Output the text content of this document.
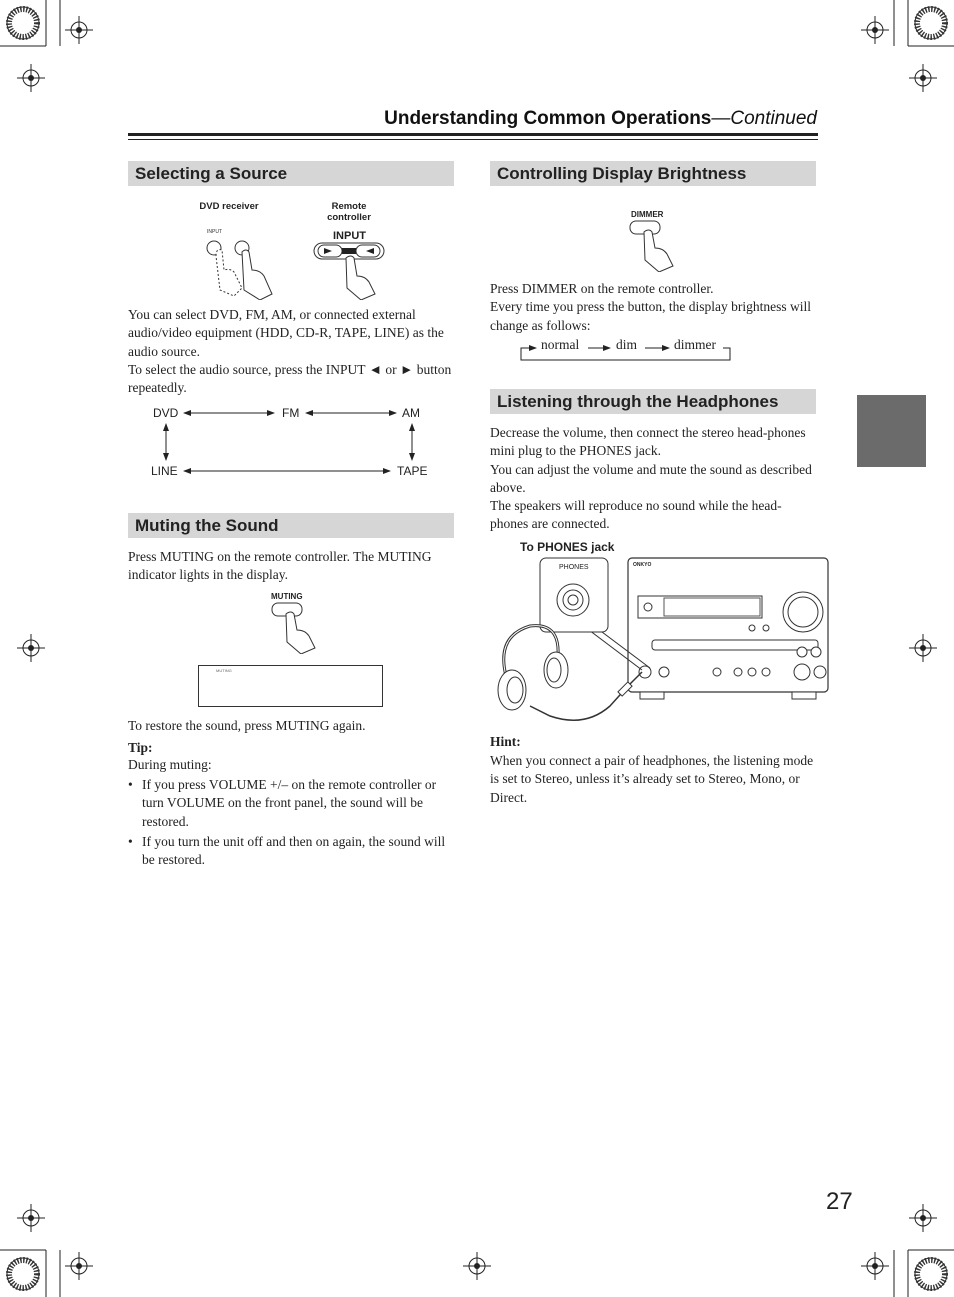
Understanding Common Operations—Continued
Selecting a Source
DVD receiver	Remote controller
INPUT	INPUT
You can select DVD, FM, AM, or connected external audio/video equipment (HDD, CD-R, TAPE, LINE) as the audio source.
To select the audio source, press the INPUT ◄ or ► button repeatedly.
DVD	FM	AM
LINE	TAPE
Muting the Sound
Press MUTING on the remote controller. The MUTING indicator lights in the display.
MUTING
MUTING
To restore the sound, press MUTING again.
Tip:
During muting:
• If you press VOLUME +/– on the remote controller or turn VOLUME on the front panel, the sound will be restored.
• If you turn the unit off and then on again, the sound will be restored.
Controlling Display Brightness
DIMMER
Press DIMMER on the remote controller.
Every time you press the button, the display brightness will change as follows:
normal	dim	dimmer
Listening through the Headphones
Decrease the volume, then connect the stereo head-phones mini plug to the PHONES jack.
You can adjust the volume and mute the sound as described above.
The speakers will reproduce no sound while the head-phones are connected.
To PHONES jack
PHONES	ONKYO
Hint:
When you connect a pair of headphones, the listening mode is set to Stereo, unless it’s already set to Stereo, Mono, or Direct.
27
